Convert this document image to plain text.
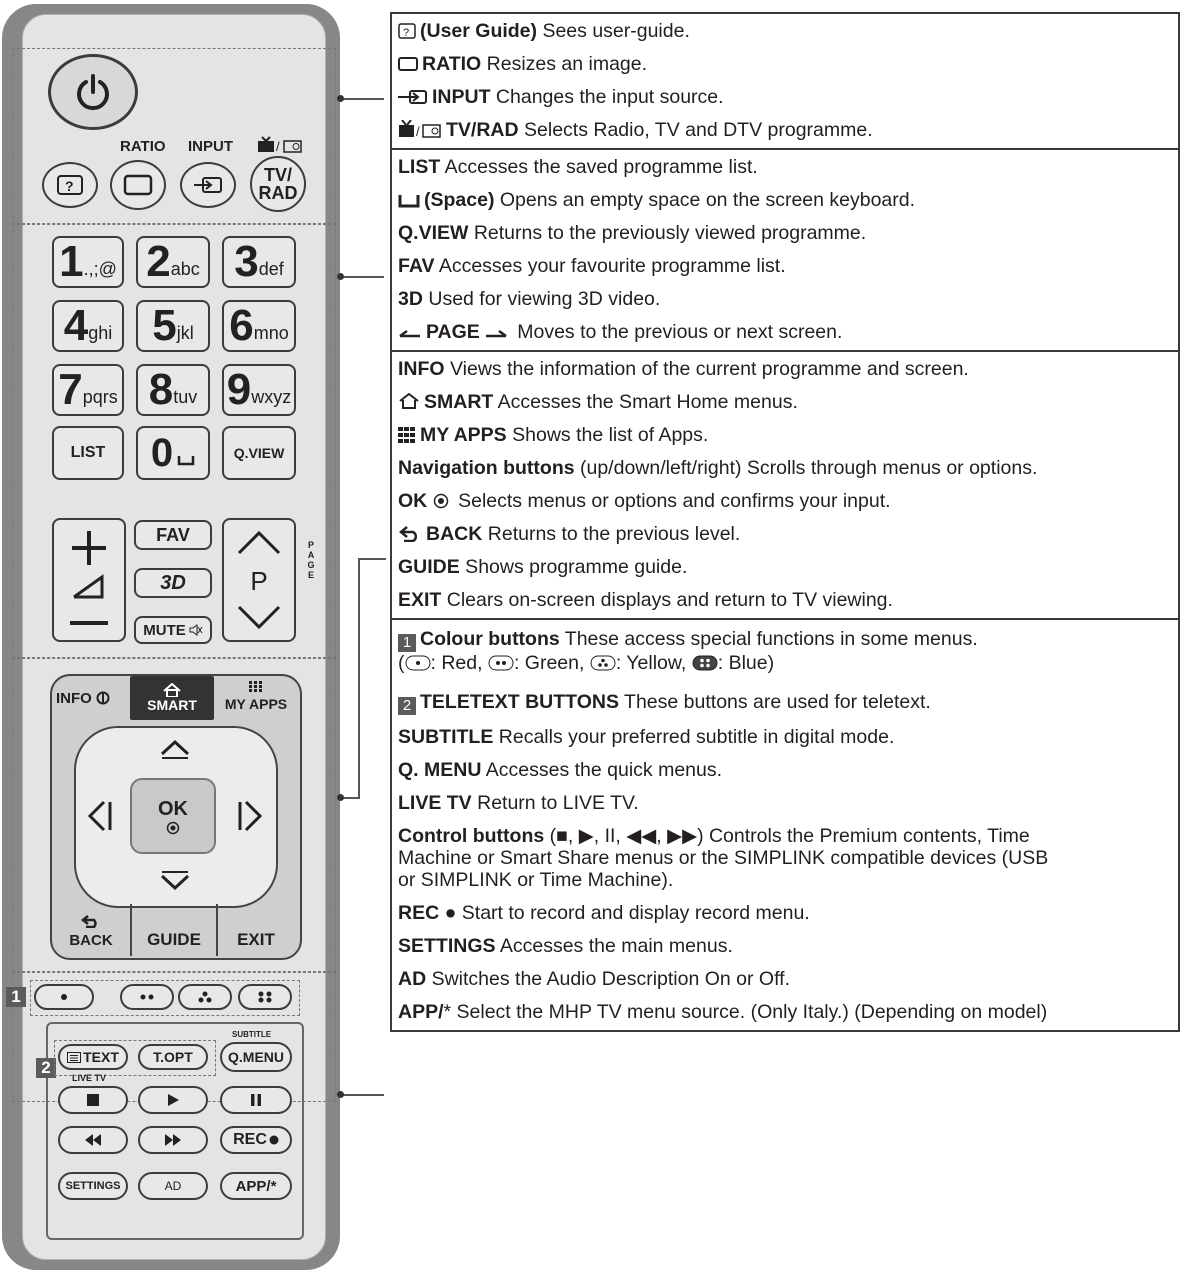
RATIO INPUT	/
?
TV/
RAD
1 .,;@ 2 abc 3 def
4 ghi 5 jkl 6 mno
7 pqrs 8 tuv 9 wxyz
LIST	0	Q.VIEW
FAV
3D
MUTE
P
PAGE
INFO	SMART MY APPS
OK
BACK	GUIDE	EXIT
1
2
TEXT	T.OPT
SUBTITLE
Q.MENU
LIVE TV
REC
SETTINGS	AD	APP/*
? (User Guide) Sees user-guide.
RATIO Resizes an image.
INPUT Changes the input source.
/ TV/RAD Selects Radio, TV and DTV programme.
LIST Accesses the saved programme list.
(Space) Opens an empty space on the screen keyboard.
Q.VIEW Returns to the previously viewed programme.
FAV Accesses your favourite programme list.
3D Used for viewing 3D video.
PAGE Moves to the previous or next screen.
INFO Views the information of the current programme and screen.
SMART Accesses the Smart Home menus.
MY APPS Shows the list of Apps.
Navigation buttons (up/down/left/right) Scrolls through menus or options.
OK  Selects menus or options and confirms your input.
BACK Returns to the previous level.
GUIDE Shows programme guide.
EXIT Clears on-screen displays and return to TV viewing.
1 Colour buttons These access special functions in some menus.
( : Red, : Green, : Yellow, : Blue)
2 TELETEXT BUTTONS These buttons are used for teletext.
SUBTITLE Recalls your preferred subtitle in digital mode.
Q. MENU Accesses the quick menus.
LIVE TV Return to LIVE TV.
Control buttons (■, ▶, II, ◀◀, ▶▶) Controls the Premium contents, Time
Machine or Smart Share menus or the SIMPLINK compatible devices (USB
or SIMPLINK or Time Machine).
REC ● Start to record and display record menu.
SETTINGS Accesses the main menus.
AD Switches the Audio Description On or Off.
APP/* Select the MHP TV menu source. (Only Italy.) (Depending on model)
